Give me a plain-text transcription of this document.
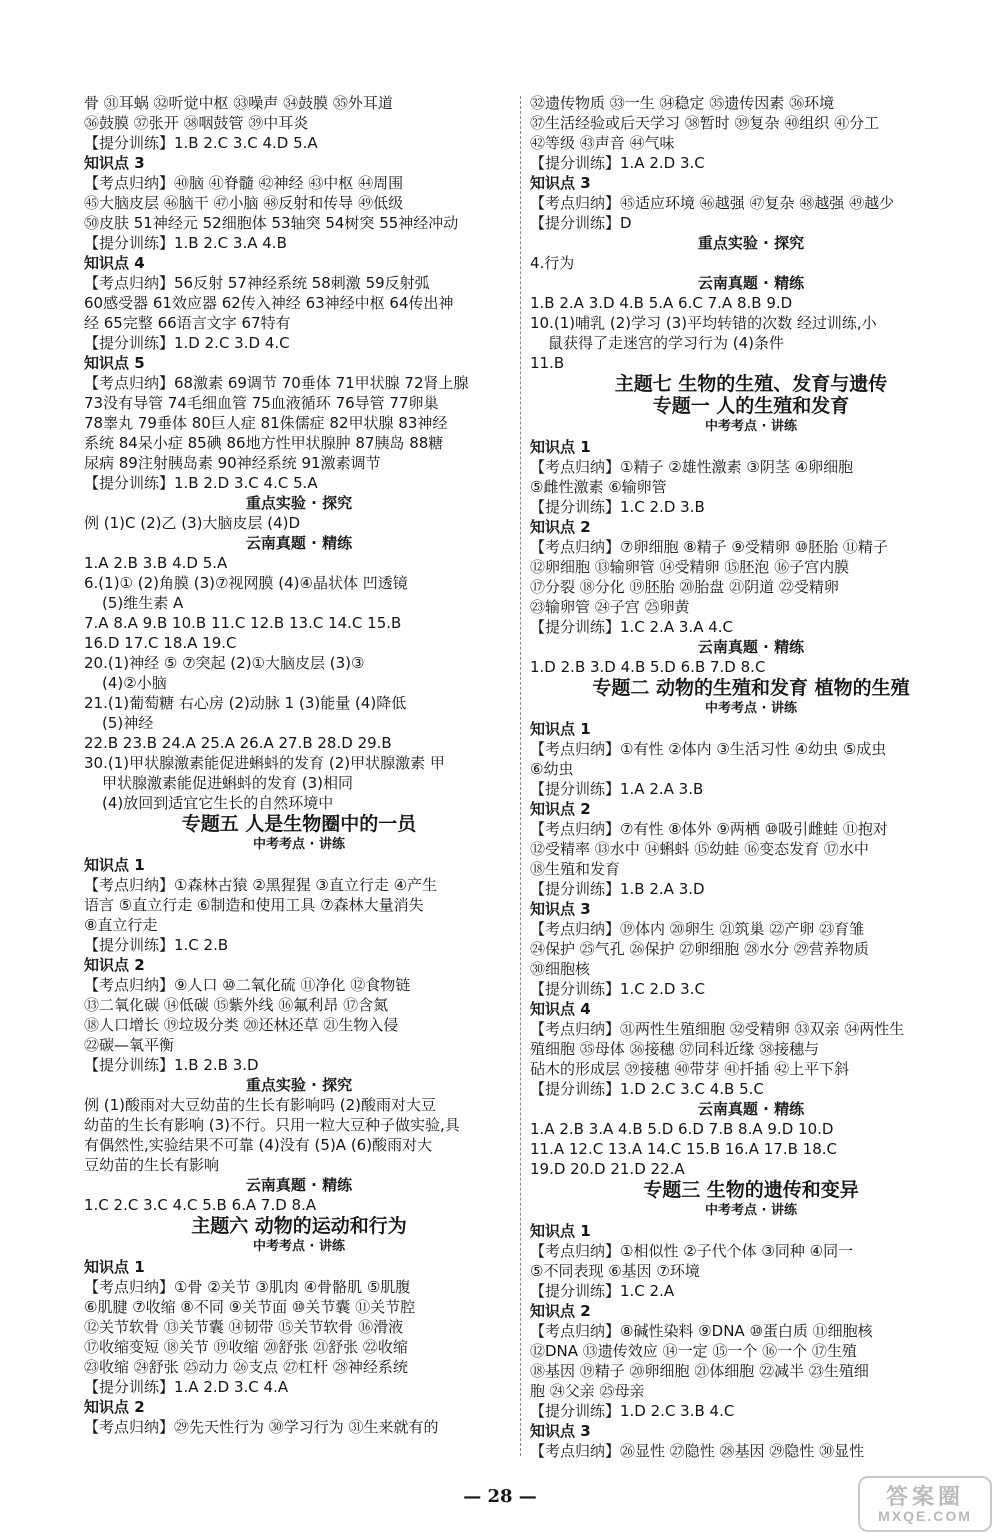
骨 ㉛耳蜗 ㉜听觉中枢 ㉝噪声 ㉞鼓膜 ㉟外耳道
㊱鼓膜 ㊲张开 ㊳咽鼓管 ㊴中耳炎
【提分训练】1.B 2.C 3.C 4.D 5.A
知识点 3
【考点归纳】㊵脑 ㊶脊髓 ㊷神经 ㊸中枢 ㊹周围
㊺大脑皮层 ㊻脑干 ㊼小脑 ㊽反射和传导 ㊾低级
㊿皮肤 51神经元 52细胞体 53轴突 54树突 55神经冲动
【提分训练】1.B 2.C 3.A 4.B
知识点 4
【考点归纳】56反射 57神经系统 58刺激 59反射弧
60感受器 61效应器 62传入神经 63神经中枢 64传出神
经 65完整 66语言文字 67特有
【提分训练】1.D 2.C 3.D 4.C
知识点 5
【考点归纳】68激素 69调节 70垂体 71甲状腺 72肾上腺
73没有导管 74毛细血管 75血液循环 76导管 77卵巢
78睾丸 79垂体 80巨人症 81侏儒症 82甲状腺 83神经
系统 84呆小症 85碘 86地方性甲状腺肿 87胰岛 88糖
尿病 89注射胰岛素 90神经系统 91激素调节
【提分训练】1.B 2.D 3.C 4.C 5.A
重点实验 · 探究
例 (1)C (2)乙 (3)大脑皮层 (4)D
云南真题 · 精练
1.A 2.B 3.B 4.D 5.A
6.(1)① (2)角膜 (3)⑦视网膜 (4)④晶状体 凹透镜
(5)维生素 A
7.A 8.A 9.B 10.B 11.C 12.B 13.C 14.C 15.B
16.D 17.C 18.A 19.C
20.(1)神经 ⑤ ⑦突起 (2)①大脑皮层 (3)③
(4)②小脑
21.(1)葡萄糖 右心房 (2)动脉 1 (3)能量 (4)降低
(5)神经
22.B 23.B 24.A 25.A 26.A 27.B 28.D 29.B
30.(1)甲状腺激素能促进蝌蚪的发育 (2)甲状腺激素 甲
甲状腺激素能促进蝌蚪的发育 (3)相同
(4)放回到适宜它生长的自然环境中
专题五 人是生物圈中的一员
中考考点 · 讲练
知识点 1
【考点归纳】①森林古猿 ②黑猩猩 ③直立行走 ④产生
语言 ⑤直立行走 ⑥制造和使用工具 ⑦森林大量消失
⑧直立行走
【提分训练】1.C 2.B
知识点 2
【考点归纳】⑨人口 ⑩二氧化硫 ⑪净化 ⑫食物链
⑬二氧化碳 ⑭低碳 ⑮紫外线 ⑯氟利昂 ⑰含氮
⑱人口增长 ⑲垃圾分类 ⑳还林还草 ㉑生物入侵
㉒碳—氧平衡
【提分训练】1.B 2.B 3.D
重点实验 · 探究
例 (1)酸雨对大豆幼苗的生长有影响吗 (2)酸雨对大豆
幼苗的生长有影响 (3)不行。只用一粒大豆种子做实验,具
有偶然性,实验结果不可靠 (4)没有 (5)A (6)酸雨对大
豆幼苗的生长有影响
云南真题 · 精练
1.C 2.C 3.C 4.C 5.B 6.A 7.D 8.A
主题六 动物的运动和行为
中考考点 · 讲练
知识点 1
【考点归纳】①骨 ②关节 ③肌肉 ④骨骼肌 ⑤肌腹
⑥肌腱 ⑦收缩 ⑧不同 ⑨关节面 ⑩关节囊 ⑪关节腔
⑫关节软骨 ⑬关节囊 ⑭韧带 ⑮关节软骨 ⑯滑液
⑰收缩变短 ⑱关节 ⑲收缩 ⑳舒张 ㉑舒张 ㉒收缩
㉓收缩 ㉔舒张 ㉕动力 ㉖支点 ㉗杠杆 ㉘神经系统
【提分训练】1.A 2.D 3.C 4.A
知识点 2
【考点归纳】㉙先天性行为 ㉚学习行为 ㉛生来就有的
㉜遗传物质 ㉝一生 ㉞稳定 ㉟遗传因素 ㊱环境
㊲生活经验或后天学习 ㊳暂时 ㊴复杂 ㊵组织 ㊶分工
㊷等级 ㊸声音 ㊹气味
【提分训练】1.A 2.D 3.C
知识点 3
【考点归纳】㊺适应环境 ㊻越强 ㊼复杂 ㊽越强 ㊾越少
【提分训练】D
重点实验 · 探究
4.行为
云南真题 · 精练
1.B 2.A 3.D 4.B 5.A 6.C 7.A 8.B 9.D
10.(1)哺乳 (2)学习 (3)平均转错的次数 经过训练,小
鼠获得了走迷宫的学习行为 (4)条件
11.B
主题七 生物的生殖、发育与遗传
专题一 人的生殖和发育
中考考点 · 讲练
知识点 1
【考点归纳】①精子 ②雄性激素 ③阴茎 ④卵细胞
⑤雌性激素 ⑥输卵管
【提分训练】1.C 2.D 3.B
知识点 2
【考点归纳】⑦卵细胞 ⑧精子 ⑨受精卵 ⑩胚胎 ⑪精子
⑫卵细胞 ⑬输卵管 ⑭受精卵 ⑮胚泡 ⑯子宫内膜
⑰分裂 ⑱分化 ⑲胚胎 ⑳胎盘 ㉑阴道 ㉒受精卵
㉓输卵管 ㉔子宫 ㉕卵黄
【提分训练】1.C 2.A 3.A 4.C
云南真题 · 精练
1.D 2.B 3.D 4.B 5.D 6.B 7.D 8.C
专题二 动物的生殖和发育 植物的生殖
中考考点 · 讲练
知识点 1
【考点归纳】①有性 ②体内 ③生活习性 ④幼虫 ⑤成虫
⑥幼虫
【提分训练】1.A 2.A 3.B
知识点 2
【考点归纳】⑦有性 ⑧体外 ⑨两栖 ⑩吸引雌蛙 ⑪抱对
⑫受精率 ⑬水中 ⑭蝌蚪 ⑮幼蛙 ⑯变态发育 ⑰水中
⑱生殖和发育
【提分训练】1.B 2.A 3.D
知识点 3
【考点归纳】⑲体内 ⑳卵生 ㉑筑巢 ㉒产卵 ㉓育雏
㉔保护 ㉕气孔 ㉖保护 ㉗卵细胞 ㉘水分 ㉙营养物质
㉚细胞核
【提分训练】1.C 2.D 3.C
知识点 4
【考点归纳】㉛两性生殖细胞 ㉜受精卵 ㉝双亲 ㉞两性生
殖细胞 ㉟母体 ㊱接穗 ㊲同科近缘 ㊳接穗与
砧木的形成层 ㊴接穗 ㊵带芽 ㊶扦插 ㊷上平下斜
【提分训练】1.D 2.C 3.C 4.B 5.C
云南真题 · 精练
1.A 2.B 3.A 4.B 5.D 6.D 7.B 8.A 9.D 10.D
11.A 12.C 13.A 14.C 15.B 16.A 17.B 18.C
19.D 20.D 21.D 22.A
专题三 生物的遗传和变异
中考考点 · 讲练
知识点 1
【考点归纳】①相似性 ②子代个体 ③同种 ④同一
⑤不同表现 ⑥基因 ⑦环境
【提分训练】1.C 2.A
知识点 2
【考点归纳】⑧碱性染料 ⑨DNA ⑩蛋白质 ⑪细胞核
⑫DNA ⑬遗传效应 ⑭一定 ⑮一个 ⑯一个 ⑰生殖
⑱基因 ⑲精子 ⑳卵细胞 ㉑体细胞 ㉒减半 ㉓生殖细
胞 ㉔父亲 ㉕母亲
【提分训练】1.D 2.C 3.B 4.C
知识点 3
【考点归纳】㉖显性 ㉗隐性 ㉘基因 ㉙隐性 ㉚显性
— 28 —	答案圈
MXQE.COM
